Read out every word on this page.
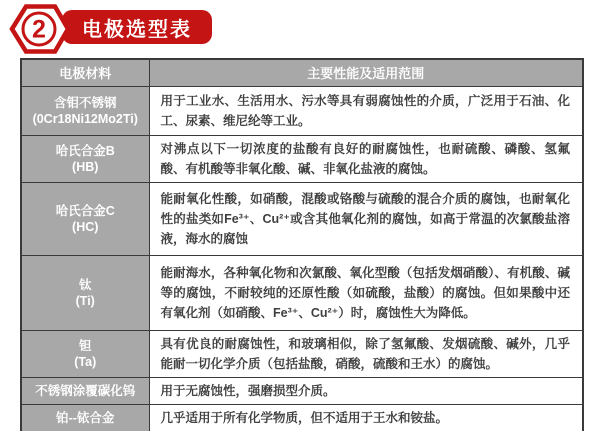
2 电极选型表
电极材料	主要性能及适用范围

含钼不锈钢
(0Cr18Ni12Mo2Ti)	用于工业水、生活用水、污水等具有弱腐蚀性的介质，广泛用于石油、化工、尿素、维尼纶等工业。

哈氏合金B
(HB)	对沸点以下一切浓度的盐酸有良好的耐腐蚀性，也耐硫酸、磷酸、氢氟酸、有机酸等非氧化酸、碱、非氧化盐液的腐蚀。

哈氏合金C
(HC)	能耐氧化性酸，如硝酸，混酸或铬酸与硫酸的混合介质的腐蚀，也耐氧化性的盐类如Fe³⁺、Cu²⁺或含其他氧化剂的腐蚀，如高于常温的次氯酸盐溶液，海水的腐蚀

钛
(Ti)	能耐海水，各种氧化物和次氯酸、氧化型酸（包括发烟硝酸）、有机酸、碱等的腐蚀，不耐较纯的还原性酸（如硫酸，盐酸）的腐蚀。但如果酸中还有氧化剂（如硝酸、Fe³⁺、Cu²⁺）时，腐蚀性大为降低。

钽
(Ta)	具有优良的耐腐蚀性，和玻璃相似，除了氢氟酸、发烟硫酸、碱外，几乎能耐一切化学介质（包括盐酸，硝酸，硫酸和王水）的腐蚀。

不锈钢涂覆碳化钨	用于无腐蚀性，强磨损型介质。

铂--铱合金	几乎适用于所有化学物质，但不适用于王水和铵盐。
